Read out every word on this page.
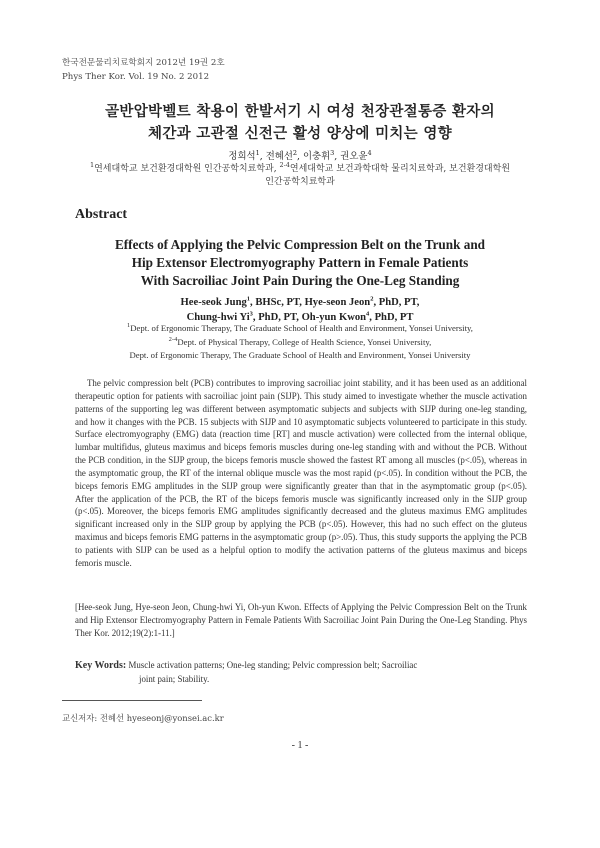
한국전문물리치료학회지 2012년 19권 2호
Phys Ther Kor. Vol. 19 No. 2 2012
골반압박벨트 착용이 한발서기 시 여성 천장관절통증 환자의
체간과 고관절 신전근 활성 양상에 미치는 영향
정희석$^1$, 전혜선$^2$, 이충휘$^3$, 권오윤$^4$
$^1$연세대학교 보건환경대학원 인간공학치료학과, $^{2-4}$연세대학교 보건과학대학 물리치료학과, 보건환경대학원
인간공학치료학과
Abstract
Effects of Applying the Pelvic Compression Belt on the Trunk and
Hip Extensor Electromyography Pattern in Female Patients
With Sacroiliac Joint Pain During the One-Leg Standing
Hee-seok Jung$^1$, BHSc, PT, Hye-seon Jeon$^2$, PhD, PT,
Chung-hwi Yi$^3$, PhD, PT, Oh-yun Kwon$^4$, PhD, PT
$^1$Dept. of Ergonomic Therapy, The Graduate School of Health and Environment, Yonsei University,
$^{2-4}$Dept. of Physical Therapy, College of Health Science, Yonsei University,
Dept. of Ergonomic Therapy, The Graduate School of Health and Environment, Yonsei University

The pelvic compression belt (PCB) contributes to improving sacroiliac joint stability, and it has been used as an additional therapeutic option for patients with sacroiliac joint pain (SIJP). This study aimed to investigate whether the muscle activation patterns of the supporting leg was different between asymptomatic subjects and subjects with SIJP during one-leg standing, and how it changes with the PCB. 15 subjects with SIJP and 10 asymptomatic subjects volunteered to participate in this study. Surface electromyography (EMG) data (reaction time [RT] and muscle activation) were collected from the internal oblique, lumbar multifidus, gluteus maximus and biceps femoris muscles during one-leg standing with and without the PCB. Without the PCB condition, in the SIJP group, the biceps femoris muscle showed the fastest RT among all muscles (p<.05), whereas in the asymptomatic group, the RT of the internal oblique muscle was the most rapid (p<.05). In condition without the PCB, the biceps femoris EMG amplitudes in the SIJP group were significantly greater than that in the asymptomatic group (p<.05). After the application of the PCB, the RT of the biceps femoris muscle was significantly increased only in the SIJP group (p<.05). Moreover, the biceps femoris EMG amplitudes significantly decreased and the gluteus maximus EMG amplitudes significant increased only in the SIJP group by applying the PCB (p<.05). However, this had no such effect on the gluteus maximus and biceps femoris EMG patterns in the asymptomatic group (p>.05). Thus, this study supports the applying the PCB to patients with SIJP can be used as a helpful option to modify the activation patterns of the gluteus maximus and biceps femoris muscle.

[Hee-seok Jung, Hye-seon Jeon, Chung-hwi Yi, Oh-yun Kwon. Effects of Applying the Pelvic Compression Belt on the Trunk and Hip Extensor Electromyography Pattern in Female Patients With Sacroiliac Joint Pain During the One-Leg Standing. Phys Ther Kor. 2012;19(2):1-11.]

Key Words: Muscle activation patterns; One-leg standing; Pelvic compression belt; Sacroiliac
joint pain; Stability.
교신저자: 전혜선 hyeseonj@yonsei.ac.kr
- 1 -
